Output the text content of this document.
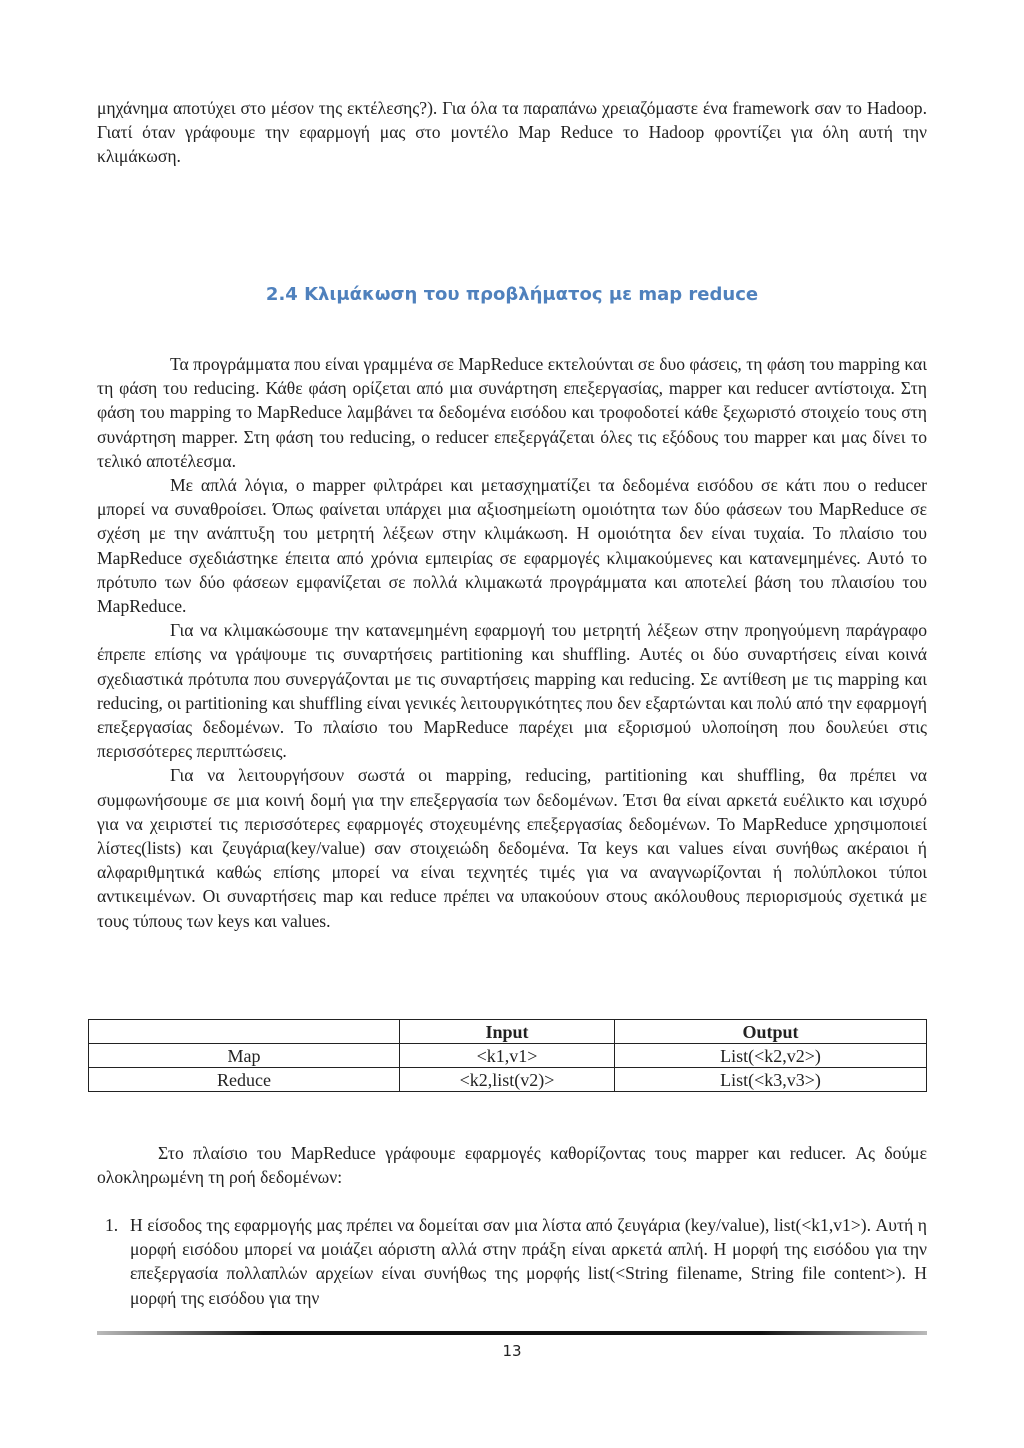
μηχάνημα αποτύχει στο μέσον της εκτέλεσης?). Για όλα τα παραπάνω χρειαζόμαστε ένα framework σαν το Hadoop. Γιατί όταν γράφουμε την εφαρμογή μας στο μοντέλο Map Reduce το Hadoop φροντίζει για όλη αυτή την κλιμάκωση.

2.4 Κλιμάκωση του προβλήματος με map reduce

Τα προγράμματα που είναι γραμμένα σε MapReduce εκτελούνται σε δυο φάσεις, τη φάση του mapping και τη φάση του reducing. Κάθε φάση ορίζεται από μια συνάρτηση επεξεργασίας, mapper και reducer αντίστοιχα. Στη φάση του mapping το MapReduce λαμβάνει τα δεδομένα εισόδου και τροφοδοτεί κάθε ξεχωριστό στοιχείο τους στη συνάρτηση mapper. Στη φάση του reducing, ο reducer επεξεργάζεται όλες τις εξόδους του mapper και μας δίνει το τελικό αποτέλεσμα.

Με απλά λόγια, ο mapper φιλτράρει και μετασχηματίζει τα δεδομένα εισόδου σε κάτι που ο reducer μπορεί να συναθροίσει. Όπως φαίνεται υπάρχει μια αξιοσημείωτη ομοιότητα των δύο φάσεων του MapReduce σε σχέση με την ανάπτυξη του μετρητή λέξεων στην κλιμάκωση. Η ομοιότητα δεν είναι τυχαία. Το πλαίσιο του MapReduce σχεδιάστηκε έπειτα από χρόνια εμπειρίας σε εφαρμογές κλιμακούμενες και κατανεμημένες. Αυτό το πρότυπο των δύο φάσεων εμφανίζεται σε πολλά κλιμακωτά προγράμματα και αποτελεί βάση του πλαισίου του MapReduce.

Για να κλιμακώσουμε την κατανεμημένη εφαρμογή του μετρητή λέξεων στην προηγούμενη παράγραφο έπρεπε επίσης να γράψουμε τις συναρτήσεις partitioning και shuffling. Αυτές οι δύο συναρτήσεις είναι κοινά σχεδιαστικά πρότυπα που συνεργάζονται με τις συναρτήσεις mapping και reducing. Σε αντίθεση με τις mapping και reducing, οι partitioning και shuffling είναι γενικές λειτουργικότητες που δεν εξαρτώνται και πολύ από την εφαρμογή επεξεργασίας δεδομένων. Το πλαίσιο του MapReduce παρέχει μια εξορισμού υλοποίηση που δουλεύει στις περισσότερες περιπτώσεις.

Για να λειτουργήσουν σωστά οι mapping, reducing, partitioning και shuffling, θα πρέπει να συμφωνήσουμε σε μια κοινή δομή για την επεξεργασία των δεδομένων. Έτσι θα είναι αρκετά ευέλικτο και ισχυρό για να χειριστεί τις περισσότερες εφαρμογές στοχευμένης επεξεργασίας δεδομένων. Το MapReduce χρησιμοποιεί λίστες(lists) και ζευγάρια(key/value) σαν στοιχειώδη δεδομένα. Τα keys και values είναι συνήθως ακέραιοι ή αλφαριθμητικά καθώς επίσης μπορεί να είναι τεχνητές τιμές για να αναγνωρίζονται ή πολύπλοκοι τύποι αντικειμένων. Οι συναρτήσεις map και reduce πρέπει να υπακούουν στους ακόλουθους περιορισμούς σχετικά με τους τύπους των keys και values.

	Input	Output
Map	<k1,v1>	List(<k2,v2>)
Reduce	<k2,list(v2)>	List(<k3,v3>)

Στο πλαίσιο του MapReduce γράφουμε εφαρμογές καθορίζοντας τους mapper και reducer. Ας δούμε ολοκληρωμένη τη ροή δεδομένων:

1. Η είσοδος της εφαρμογής μας πρέπει να δομείται σαν μια λίστα από ζευγάρια (key/value), list(<k1,v1>). Αυτή η μορφή εισόδου μπορεί να μοιάζει αόριστη αλλά στην πράξη είναι αρκετά απλή. Η μορφή της εισόδου για την επεξεργασία πολλαπλών αρχείων είναι συνήθως της μορφής list(<String filename, String file content>). Η μορφή της εισόδου για την

13
